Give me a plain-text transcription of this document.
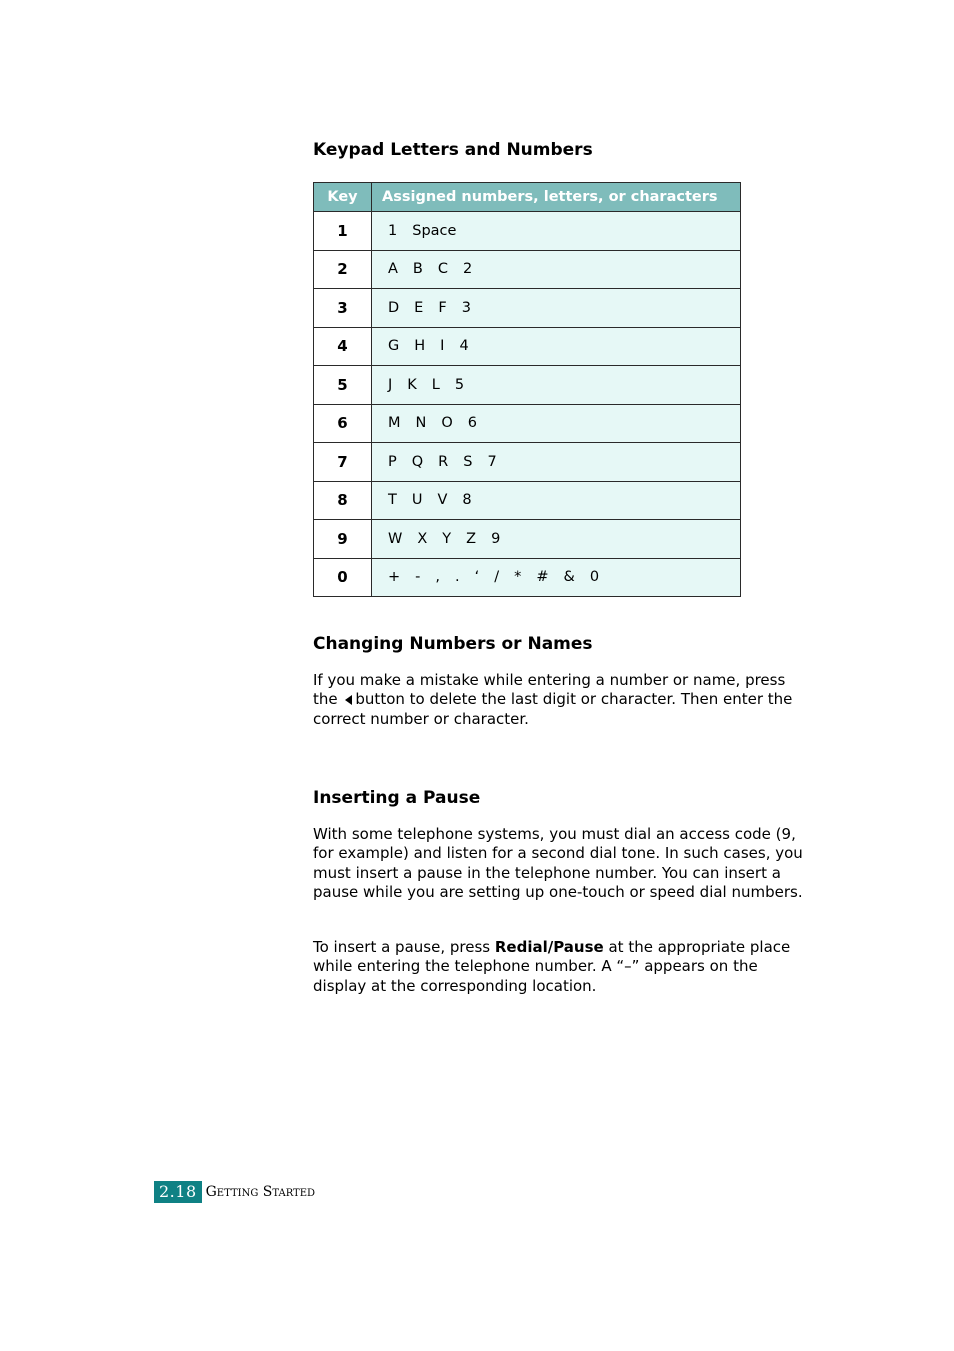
Keypad Letters and Numbers
Key	Assigned numbers, letters, or characters
1	1 Space
2	A B C 2
3	D E F 3
4	G H I 4
5	J K L 5
6	M N O 6
7	P Q R S 7
8	T U V 8
9	W X Y Z 9
0	+ - , . ‘ / * # & 0
Changing Numbers or Names

If you make a mistake while entering a number or name, press the button to delete the last digit or character. Then enter the correct number or character.

Inserting a Pause

With some telephone systems, you must dial an access code (9, for example) and listen for a second dial tone. In such cases, you must insert a pause in the telephone number. You can insert a pause while you are setting up one-touch or speed dial numbers.

To insert a pause, press Redial/Pause at the appropriate place while entering the telephone number. A “–” appears on the display at the corresponding location.

2.18 Getting Started
